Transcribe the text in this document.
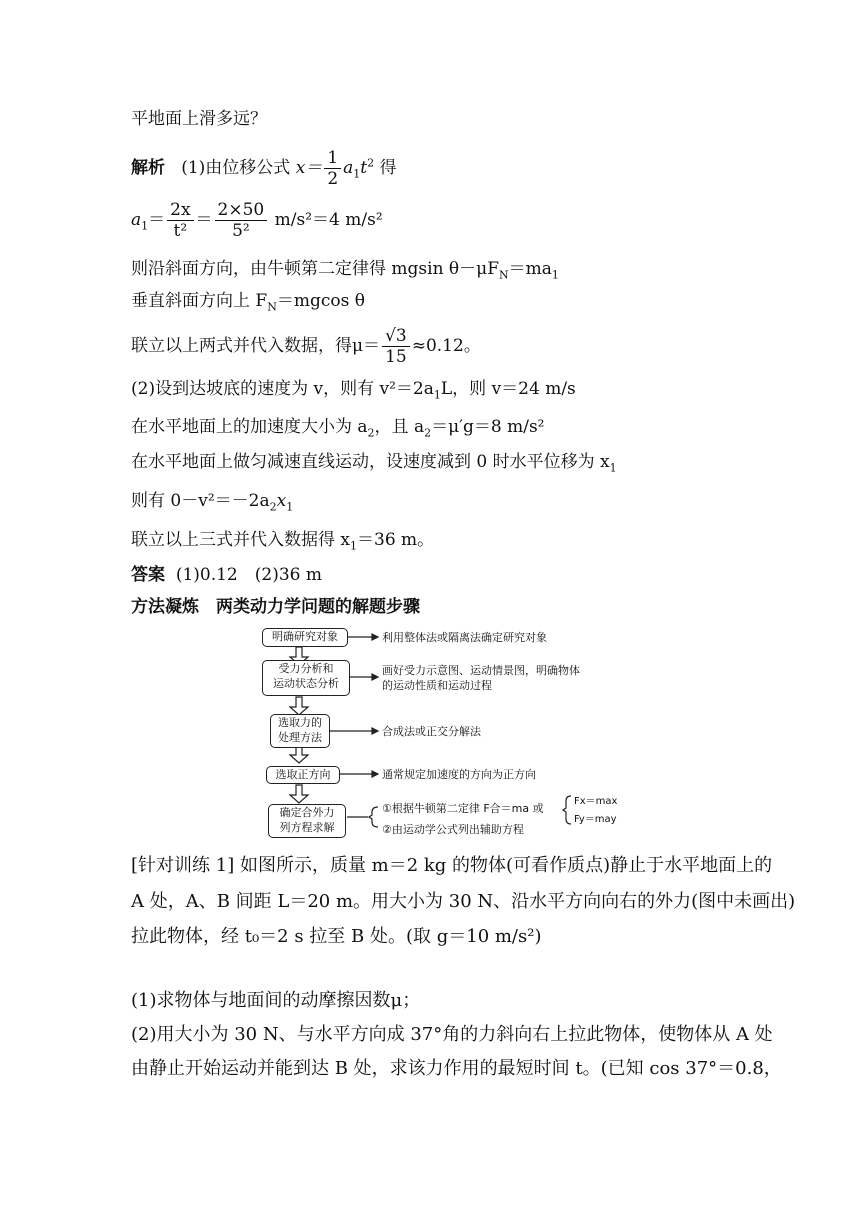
平地面上滑多远？
解析 (1)由位移公式 $x= \frac{1}{2} a_1t^2$ 得
$a_1= \frac{2x}{\text{t²}} = \frac{2\times 50}{\text{5²}} m/s^2=4$ m/s²
则沿斜面方向，由牛顿第二定律得 mgsin $\theta-\mu F_N=ma_1$
垂直斜面方向上 $F_N=mgcos$ θ
联立以上两式并代入数据，得$\mu= \frac{√3}{15} \approx 0.12$。
(2)设到达坡底的速度为 v，则有 $v^2=2a_1L$，则 v＝24 m/s
在水平地面上的加速度大小为 $a_2$，且 $a_2=\mu'g=8$ m/s²
在水平地面上做匀减速直线运动，设速度减到 0 时水平位移为 $x_1$
则有 $0-v^2=-2a_2x_1$
联立以上三式并代入数据得 $x_1=36$ m。
答案 (1)0.12　(2)36 m
方法凝炼　两类动力学问题的解题步骤
明确研究对象	利用整体法或隔离法确定研究对象
受力分析和
运动状态分析
画好受力示意图、运动情景图，明确物体
的运动性质和运动过程
选取力的
处理方法	合成法或正交分解法
选取正方向	通常规定加速度的方向为正方向
确定合外力
列方程求解
①根据牛顿第二定律 F合＝ma 或
②由运动学公式列出辅助方程
Fx＝max
Fy＝may
[针对训练 1] 如图所示，质量 m＝2 kg 的物体(可看作质点)静止于水平地面上的
A 处，A、B 间距 L＝20 m。用大小为 30 N、沿水平方向向右的外力(图中未画出)
拉此物体，经 t₀＝2 s 拉至 B 处。(取 g＝10 m/s²)
(1)求物体与地面间的动摩擦因数μ；
(2)用大小为 30 N、与水平方向成 37°角的力斜向右上拉此物体，使物体从 A 处
由静止开始运动并能到达 B 处，求该力作用的最短时间 t。(已知 cos 37°＝0.8，
